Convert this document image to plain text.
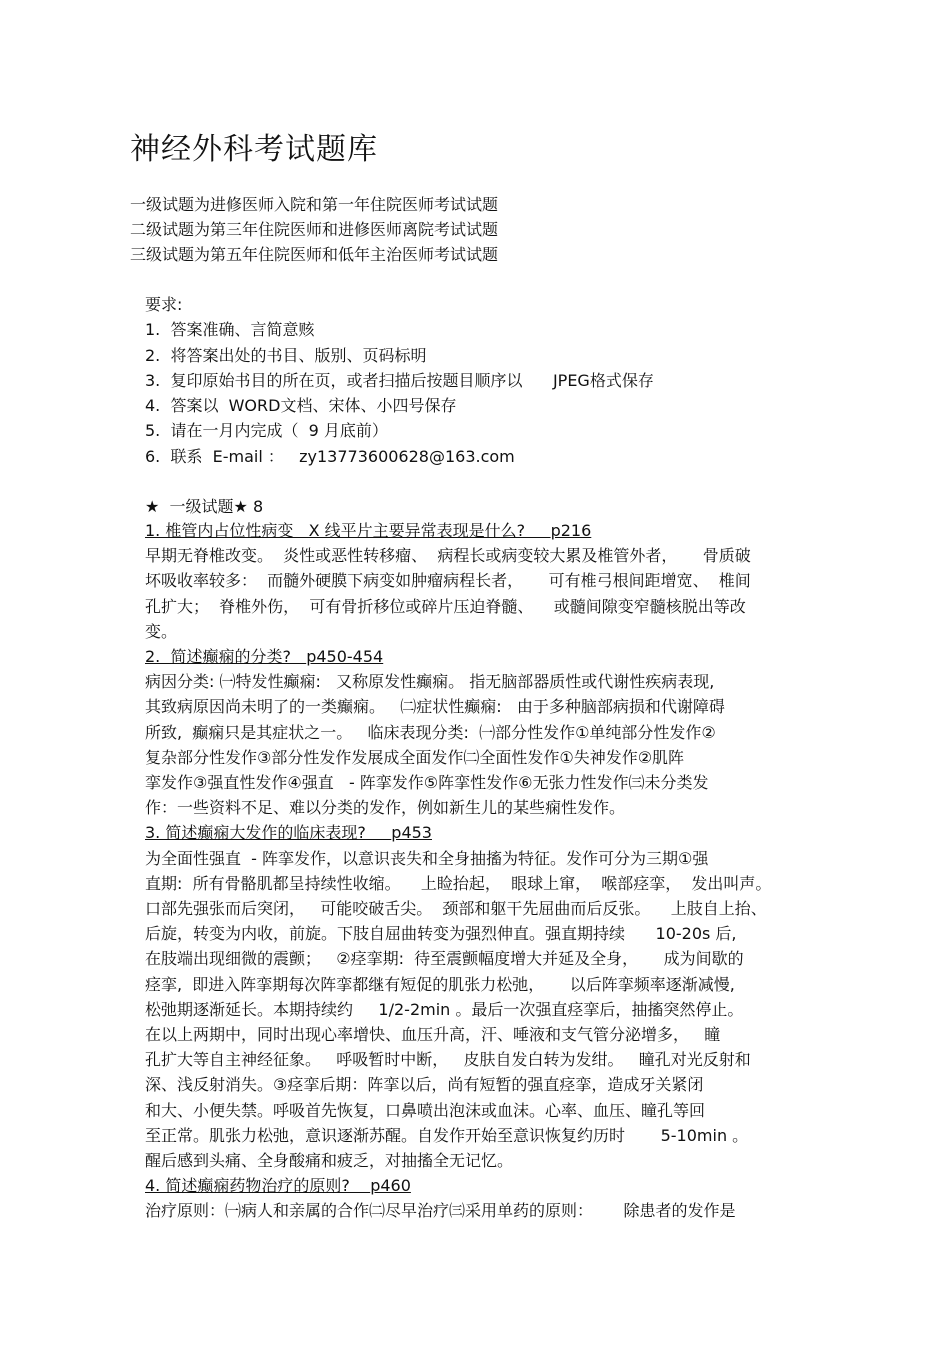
神经外科考试题库
一级试题为进修医师入院和第一年住院医师考试试题
二级试题为第三年住院医师和进修医师离院考试试题
三级试题为第五年住院医师和低年主治医师考试试题
要求:
1.  答案准确、言简意赅
2.  将答案出处的书目、版别、页码标明
3.  复印原始书目的所在页，或者扫描后按题目顺序以      JPEG格式保存
4.  答案以  WORD文档、宋体、小四号保存
5.  请在一月内完成（  9 月底前）
6.  联系  E-mail ：   zy13773600628@163.com
★  一级试题★ 8
1. 椎管内占位性病变   X 线平片主要异常表现是什么?     p216
早期无脊椎改变。  炎性或恶性转移瘤、  病程长或病变较大累及椎管外者，     骨质破
坏吸收率较多：  而髓外硬膜下病变如肿瘤病程长者，     可有椎弓根间距增宽、  椎间
孔扩大；  脊椎外伤，  可有骨折移位或碎片压迫脊髓、    或髓间隙变窄髓核脱出等改
变。
2.  简述癫痫的分类?   p450-454
病因分类: ㈠特发性癫痫:   又称原发性癫痫。 指无脑部器质性或代谢性疾病表现,
其致病原因尚未明了的一类癫痫。   ㈡症状性癫痫:   由于多种脑部病损和代谢障碍
所致,  癫痫只是其症状之一。   临床表现分类:  ㈠部分性发作①单纯部分性发作②
复杂部分性发作③部分性发作发展成全面发作㈡全面性发作①失神发作②肌阵
挛发作③强直性发作④强直   - 阵挛发作⑤阵挛性发作⑥无张力性发作㈢未分类发
作：一些资料不足、难以分类的发作，例如新生儿的某些痫性发作。
3. 简述癫痫大发作的临床表现?     p453
为全面性强直  - 阵挛发作，以意识丧失和全身抽搐为特征。发作可分为三期①强
直期:  所有骨骼肌都呈持续性收缩。    上睑抬起，  眼球上窜，  喉部痉挛，  发出叫声。
口部先强张而后突闭，   可能咬破舌尖。  颈部和躯干先屈曲而后反张。    上肢自上抬、
后旋，转变为内收，前旋。下肢自屈曲转变为强烈伸直。强直期持续      10-20s 后,
在肢端出现细微的震颤；   ②痉挛期:  待至震颤幅度增大并延及全身，     成为间歇的
痉挛,  即进入阵挛期每次阵挛都继有短促的肌张力松弛，     以后阵挛频率逐渐减慢,
松弛期逐渐延长。本期持续约     1/2-2min 。最后一次强直痉挛后，抽搐突然停止。
在以上两期中，同时出现心率增快、血压升高，汗、唾液和支气管分泌增多，   瞳
孔扩大等自主神经征象。   呼吸暂时中断，   皮肤自发白转为发绀。   瞳孔对光反射和
深、浅反射消失。③痉挛后期：阵挛以后，尚有短暂的强直痉挛，造成牙关紧闭
和大、小便失禁。呼吸首先恢复，口鼻喷出泡沫或血沫。心率、血压、瞳孔等回
至正常。肌张力松弛，意识逐渐苏醒。自发作开始至意识恢复约历时       5-10min 。
醒后感到头痛、全身酸痛和疲乏，对抽搐全无记忆。
4. 简述癫痫药物治疗的原则?    p460
治疗原则：㈠病人和亲属的合作㈡尽早治疗㈢采用单药的原则：      除患者的发作是
